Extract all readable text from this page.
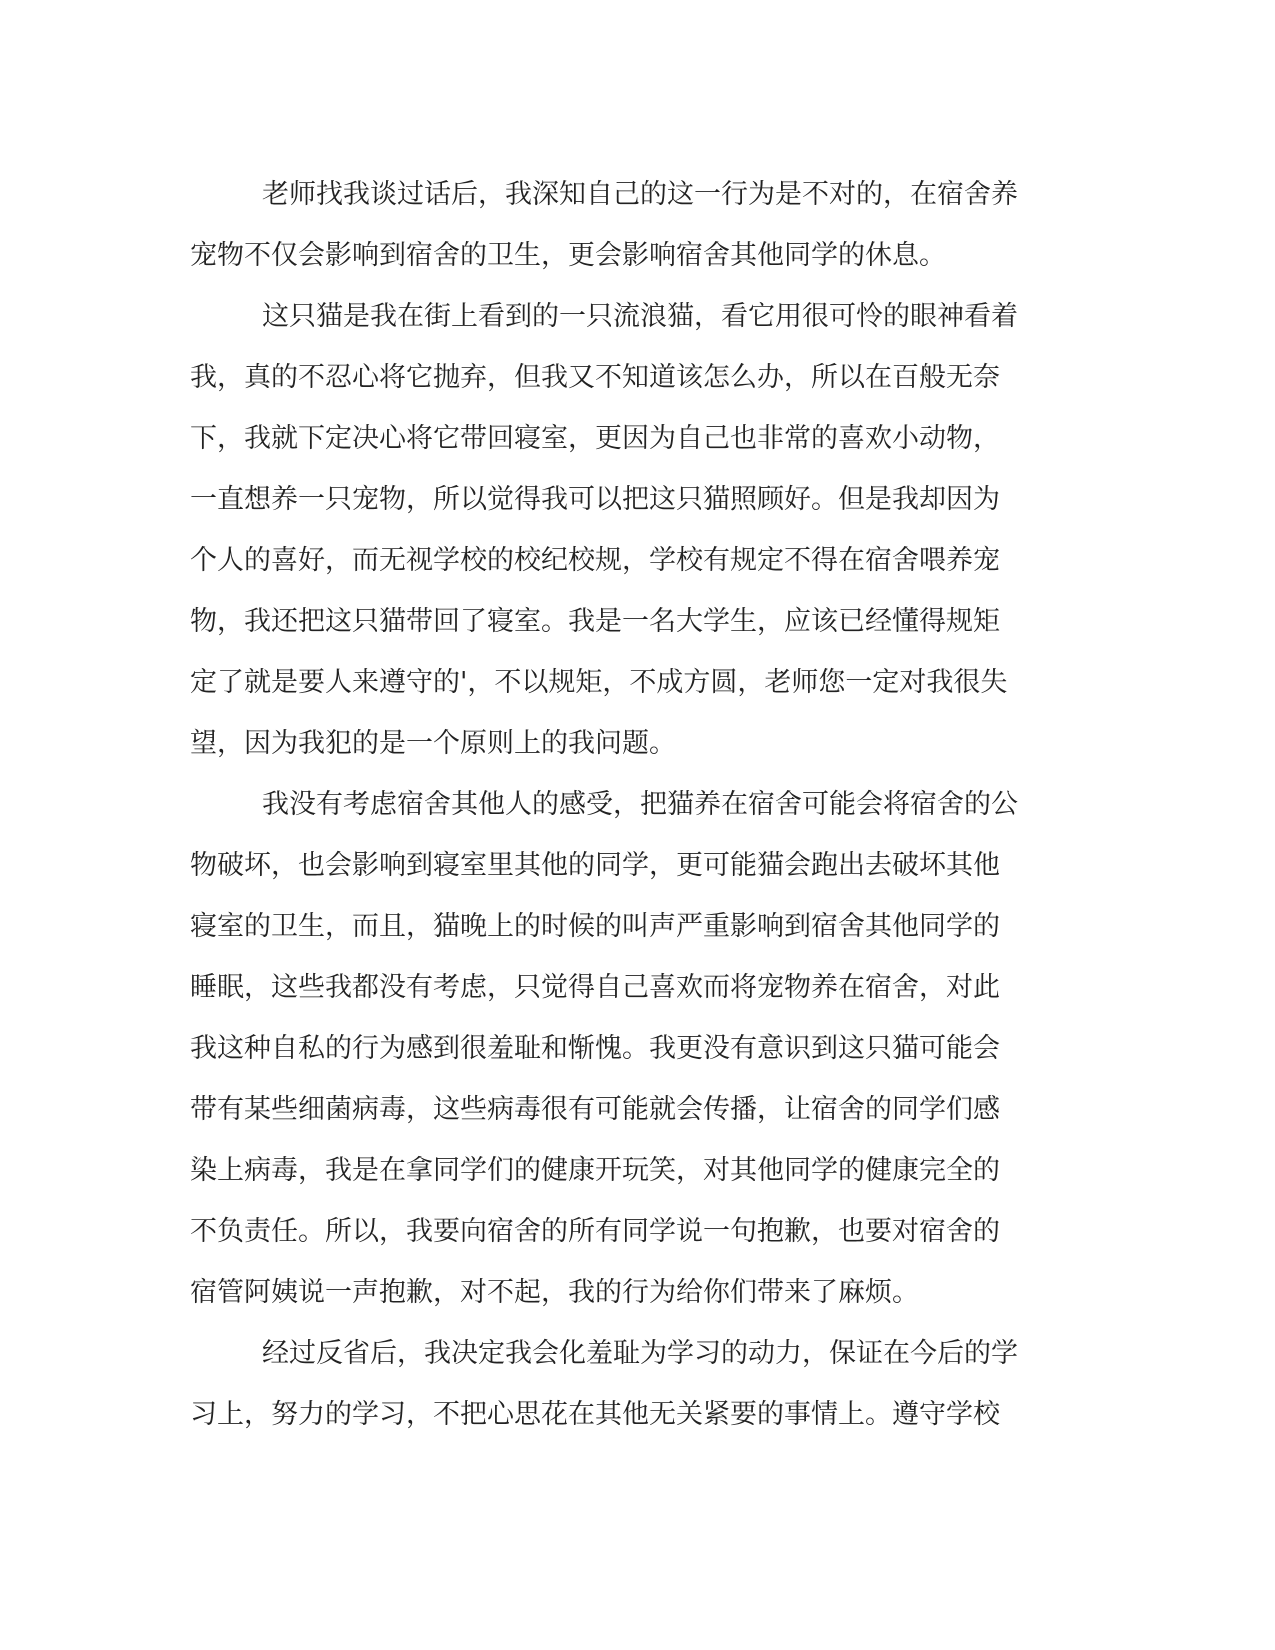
老师找我谈过话后，我深知自己的这一行为是不对的，在宿舍养
宠物不仅会影响到宿舍的卫生，更会影响宿舍其他同学的休息。
这只猫是我在街上看到的一只流浪猫，看它用很可怜的眼神看着
我，真的不忍心将它抛弃，但我又不知道该怎么办，所以在百般无奈
下，我就下定决心将它带回寝室，更因为自己也非常的喜欢小动物，
一直想养一只宠物，所以觉得我可以把这只猫照顾好。但是我却因为
个人的喜好，而无视学校的校纪校规，学校有规定不得在宿舍喂养宠
物，我还把这只猫带回了寝室。我是一名大学生，应该已经懂得规矩
定了就是要人来遵守的'，不以规矩，不成方圆，老师您一定对我很失
望，因为我犯的是一个原则上的我问题。
我没有考虑宿舍其他人的感受，把猫养在宿舍可能会将宿舍的公
物破坏，也会影响到寝室里其他的同学，更可能猫会跑出去破坏其他
寝室的卫生，而且，猫晚上的时候的叫声严重影响到宿舍其他同学的
睡眠，这些我都没有考虑，只觉得自己喜欢而将宠物养在宿舍，对此
我这种自私的行为感到很羞耻和惭愧。我更没有意识到这只猫可能会
带有某些细菌病毒，这些病毒很有可能就会传播，让宿舍的同学们感
染上病毒，我是在拿同学们的健康开玩笑，对其他同学的健康完全的
不负责任。所以，我要向宿舍的所有同学说一句抱歉，也要对宿舍的
宿管阿姨说一声抱歉，对不起，我的行为给你们带来了麻烦。
经过反省后，我决定我会化羞耻为学习的动力，保证在今后的学
习上，努力的学习，不把心思花在其他无关紧要的事情上。遵守学校
